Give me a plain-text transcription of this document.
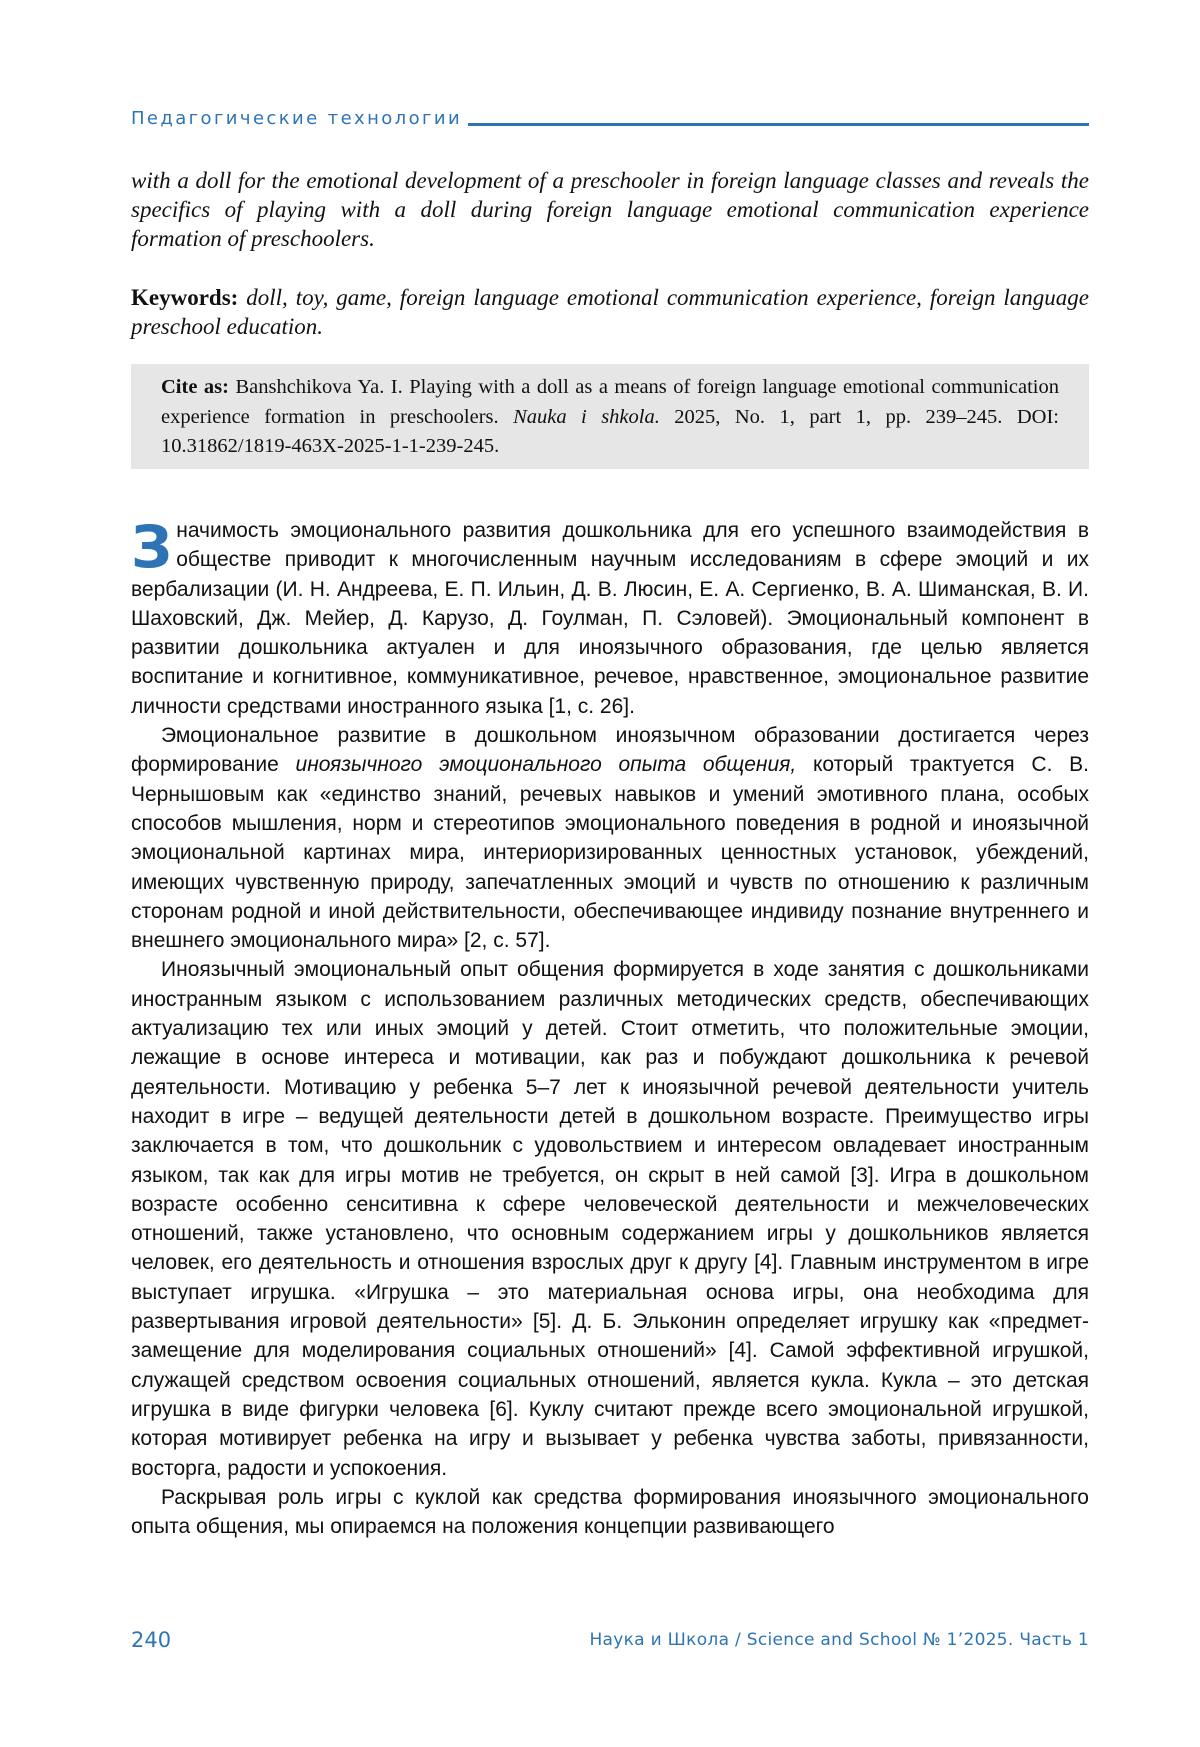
Педагогические технологии

with a doll for the emotional development of a preschooler in foreign language classes and reveals the specifics of playing with a doll during foreign language emotional communication experience formation of preschoolers.

Keywords: doll, toy, game, foreign language emotional communication experience, foreign language preschool education.

Cite as: Banshchikova Ya. I. Playing with a doll as a means of foreign language emotional communication experience formation in preschoolers. Nauka i shkola. 2025, No. 1, part 1, pp. 239–245. DOI: 10.31862/1819-463X-2025-1-1-239-245.

Значимость эмоционального развития дошкольника для его успешного взаимодействия в обществе приводит к многочисленным научным исследованиям в сфере эмоций и их вербализации (И. Н. Андреева, Е. П. Ильин, Д. В. Люсин, Е. А. Сергиенко, В. А. Шиманская, В. И. Шаховский, Дж. Мейер, Д. Карузо, Д. Гоулман, П. Сэловей). Эмоциональный компонент в развитии дошкольника актуален и для иноязычного образования, где целью является воспитание и когнитивное, коммуникативное, речевое, нравственное, эмоциональное развитие личности средствами иностранного языка [1, с. 26].

Эмоциональное развитие в дошкольном иноязычном образовании достигается через формирование иноязычного эмоционального опыта общения, который трактуется С. В. Чернышовым как «единство знаний, речевых навыков и умений эмотивного плана, особых способов мышления, норм и стереотипов эмоционального поведения в родной и иноязычной эмоциональной картинах мира, интериоризированных ценностных установок, убеждений, имеющих чувственную природу, запечатленных эмоций и чувств по отношению к различным сторонам родной и иной действительности, обеспечивающее индивиду познание внутреннего и внешнего эмоционального мира» [2, с. 57].

Иноязычный эмоциональный опыт общения формируется в ходе занятия с дошкольниками иностранным языком с использованием различных методических средств, обеспечивающих актуализацию тех или иных эмоций у детей. Стоит отметить, что положительные эмоции, лежащие в основе интереса и мотивации, как раз и побуждают дошкольника к речевой деятельности. Мотивацию у ребенка 5–7 лет к иноязычной речевой деятельности учитель находит в игре – ведущей деятельности детей в дошкольном возрасте. Преимущество игры заключается в том, что дошкольник с удовольствием и интересом овладевает иностранным языком, так как для игры мотив не требуется, он скрыт в ней самой [3]. Игра в дошкольном возрасте особенно сенситивна к сфере человеческой деятельности и межчеловеческих отношений, также установлено, что основным содержанием игры у дошкольников является человек, его деятельность и отношения взрослых друг к другу [4]. Главным инструментом в игре выступает игрушка. «Игрушка – это материальная основа игры, она необходима для развертывания игровой деятельности» [5]. Д. Б. Эльконин определяет игрушку как «предмет-замещение для моделирования социальных отношений» [4]. Самой эффективной игрушкой, служащей средством освоения социальных отношений, является кукла. Кукла – это детская игрушка в виде фигурки человека [6]. Куклу считают прежде всего эмоциональной игрушкой, которая мотивирует ребенка на игру и вызывает у ребенка чувства заботы, привязанности, восторга, радости и успокоения.

Раскрывая роль игры с куклой как средства формирования иноязычного эмоционального опыта общения, мы опираемся на положения концепции развивающего

240	Наука и Школа / Science and School № 1’2025. Часть 1
